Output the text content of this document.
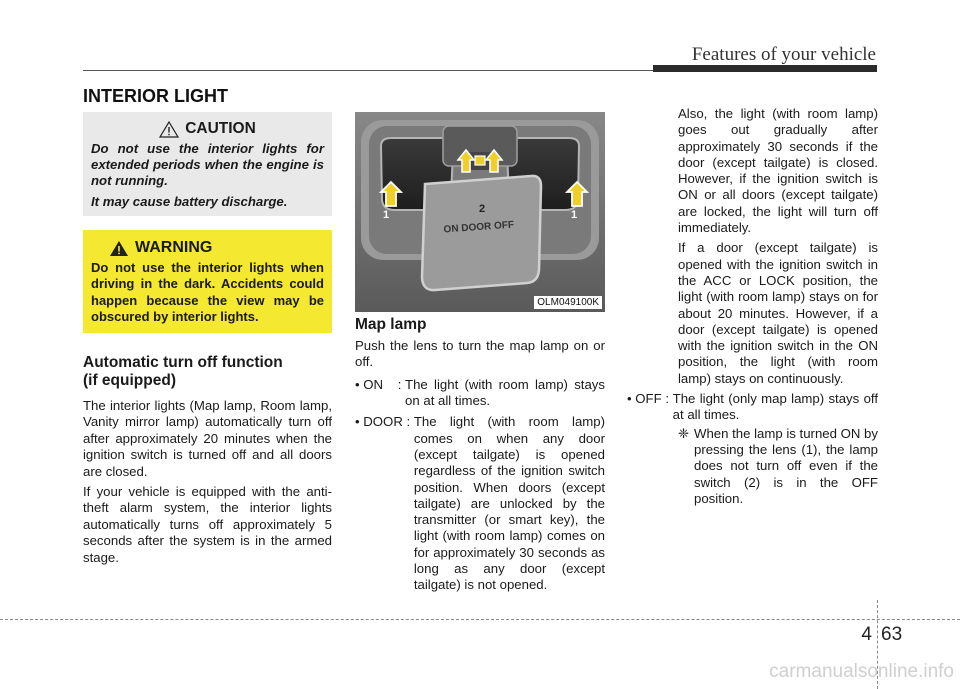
Features of your vehicle
INTERIOR LIGHT
CAUTION

Do not use the interior lights for extended periods when the engine is not running.

It may cause battery discharge.

WARNING

Do not use the interior lights when driving in the dark. Accidents could happen because the view may be obscured by interior lights.

Automatic turn off function
(if equipped)

The interior lights (Map lamp, Room lamp, Vanity mirror lamp) automatically turn off after approximately 20 minutes when the ignition switch is turned off and all doors are closed.

If your vehicle is equipped with the anti-theft alarm system, the interior lights automatically turns off approximately 5 seconds after the system is in the armed stage.

ON DOOR OFF
1	1
2
OLM049100K
Map lamp

Push the lens to turn the map lamp on or off.

• ON    : The light (with room lamp) stays on at all times.
• DOOR : The light (with room lamp) comes on when any door (except tailgate) is opened regardless of the ignition switch position. When doors (except tailgate) are unlocked by the transmitter (or smart key), the light (with room lamp) comes on for approximately 30 seconds as long as any door (except tailgate) is not opened.

Also, the light (with room lamp) goes out gradually after approximately 30 seconds if the door (except tailgate) is closed. However, if the ignition switch is ON or all doors (except tailgate) are locked, the light will turn off immediately.

If a door (except tailgate) is opened with the ignition switch in the ACC or LOCK position, the light (with room lamp) stays on for about 20 minutes. However, if a door (except tailgate) is opened with the ignition switch in the ON position, the light (with room lamp) stays on continuously.

• OFF : The light (only map lamp) stays off at all times.
❈ When the lamp is turned ON by pressing the lens (1), the lamp does not turn off even if the switch (2) is in the OFF position.
4 63
carmanualsonline.info
